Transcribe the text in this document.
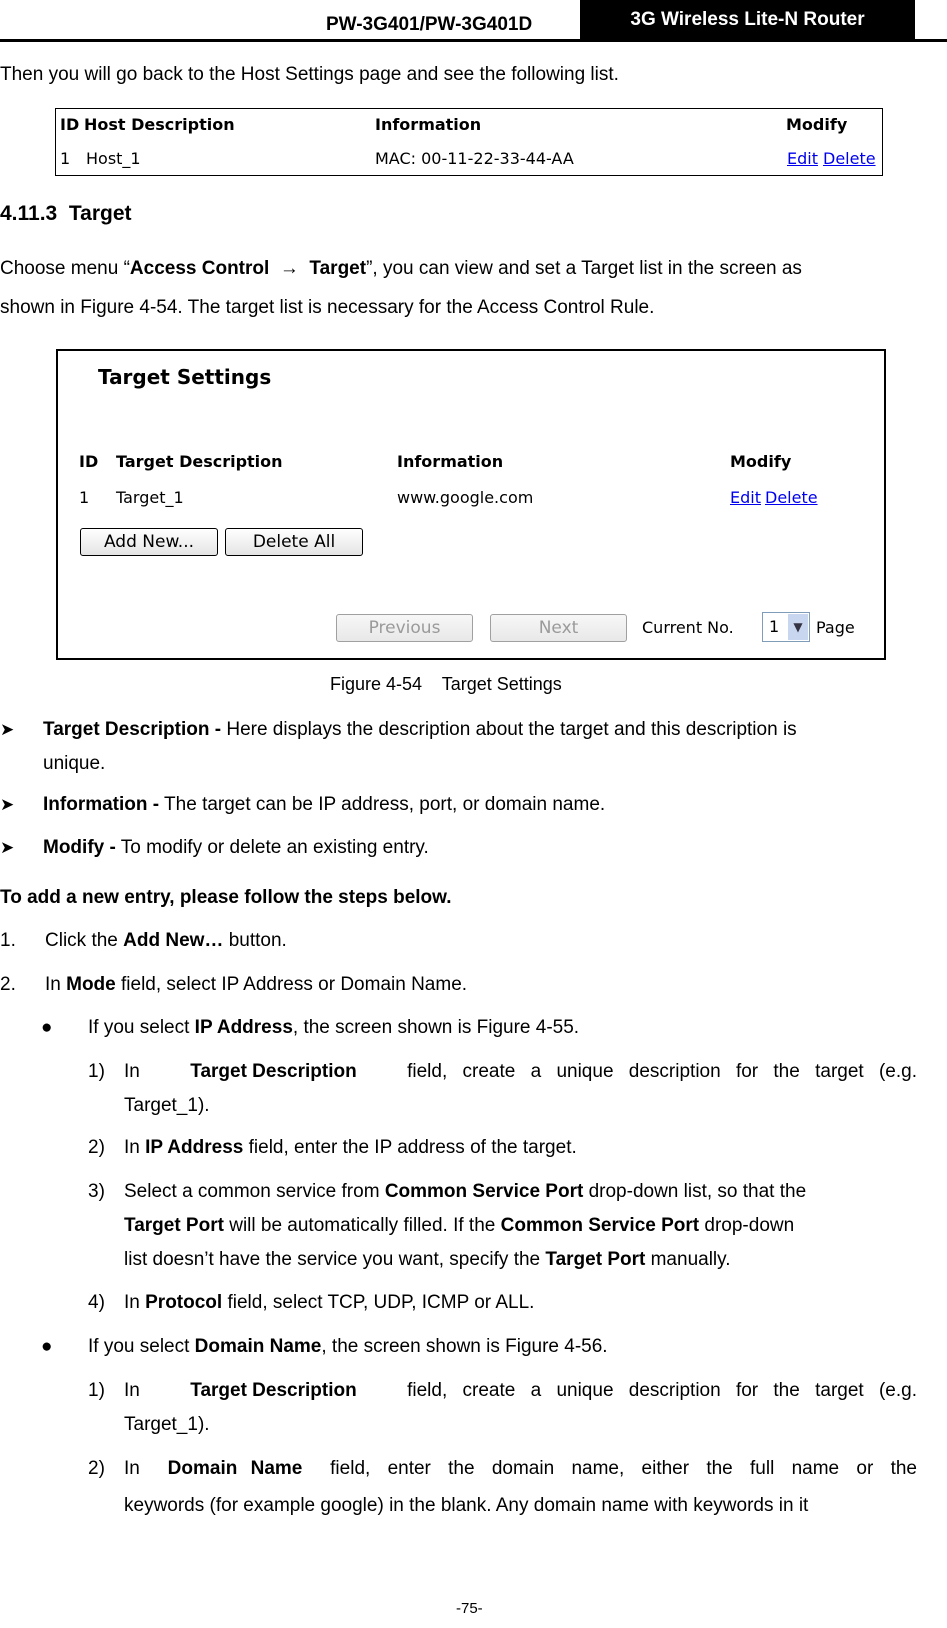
PW-3G401/PW-3G401D	3G Wireless Lite-N Router
Then you will go back to the Host Settings page and see the following list.
ID Host Description	Information	Modify
1 Host_1	MAC: 00-11-22-33-44-AA	Edit Delete
4.11.3 Target
Choose menu “Access Control → Target”, you can view and set a Target list in the screen as
shown in Figure 4-54. The target list is necessary for the Access Control Rule.
Target Settings
ID Target Description	Information	Modify
1 Target_1	www.google.com	Edit Delete
Add New...	Delete All
Previous	Next	Current No. 1	▼ Page
Figure 4-54    Target Settings
➤ Target Description - Here displays the description about the target and this description is
unique.
➤ Information - The target can be IP address, port, or domain name.
➤ Modify - To modify or delete an existing entry.
To add a new entry, please follow the steps below.
1. Click the Add New… button.
2. In Mode field, select IP Address or Domain Name.
● If you select IP Address, the screen shown is Figure 4-55.
1) In	Target Description	field, create a unique description for the target (e.g.
Target_1).
2) In IP Address field, enter the IP address of the target.
3) Select a common service from Common Service Port drop-down list, so that the
Target Port will be automatically filled. If the Common Service Port drop-down
list doesn’t have the service you want, specify the Target Port manually.
4) In Protocol field, select TCP, UDP, ICMP or ALL.
● If you select Domain Name, the screen shown is Figure 4-56.
1) In	Target Description	field, create a unique description for the target (e.g.
Target_1).
2) In Domain Name field, enter the domain name, either the full name or the
keywords (for example google) in the blank. Any domain name with keywords in it
-75-
